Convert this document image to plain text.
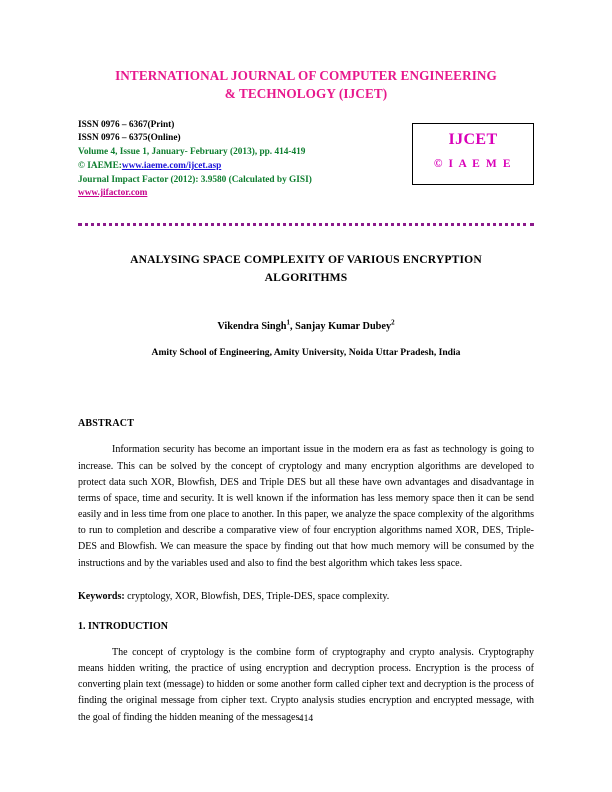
INTERNATIONAL JOURNAL OF COMPUTER ENGINEERING
& TECHNOLOGY (IJCET)
ISSN 0976 – 6367(Print)
ISSN 0976 – 6375(Online)
Volume 4, Issue 1, January- February (2013), pp. 414-419
© IAEME:www.iaeme.com/ijcet.asp
Journal Impact Factor (2012): 3.9580 (Calculated by GISI)
www.jifactor.com
IJCET
© I A E M E
ANALYSING SPACE COMPLEXITY OF VARIOUS ENCRYPTION
ALGORITHMS
Vikendra Singh$^1$, Sanjay Kumar Dubey$^2$
Amity School of Engineering, Amity University, Noida Uttar Pradesh, India
ABSTRACT
Information security has become an important issue in the modern era as fast as technology is going to increase. This can be solved by the concept of cryptology and many encryption algorithms are developed to protect data such XOR, Blowfish, DES and Triple DES but all these have own advantages and disadvantage in terms of space, time and security. It is well known if the information has less memory space then it can be send easily and in less time from one place to another. In this paper, we analyze the space complexity of the algorithms to run to completion and describe a comparative view of four encryption algorithms named XOR, DES, Triple-DES and Blowfish. We can measure the space by finding out that how much memory will be consumed by the instructions and by the variables used and also to find the best algorithm which takes less space.
Keywords: cryptology, XOR, Blowfish, DES, Triple-DES, space complexity.
1. INTRODUCTION
The concept of cryptology is the combine form of cryptography and crypto analysis. Cryptography means hidden writing, the practice of using encryption and decryption process. Encryption is the process of converting plain text (message) to hidden or some another form called cipher text and decryption is the process of finding the original message from cipher text. Crypto analysis studies encryption and encrypted message, with the goal of finding the hidden meaning of the messages.
414
